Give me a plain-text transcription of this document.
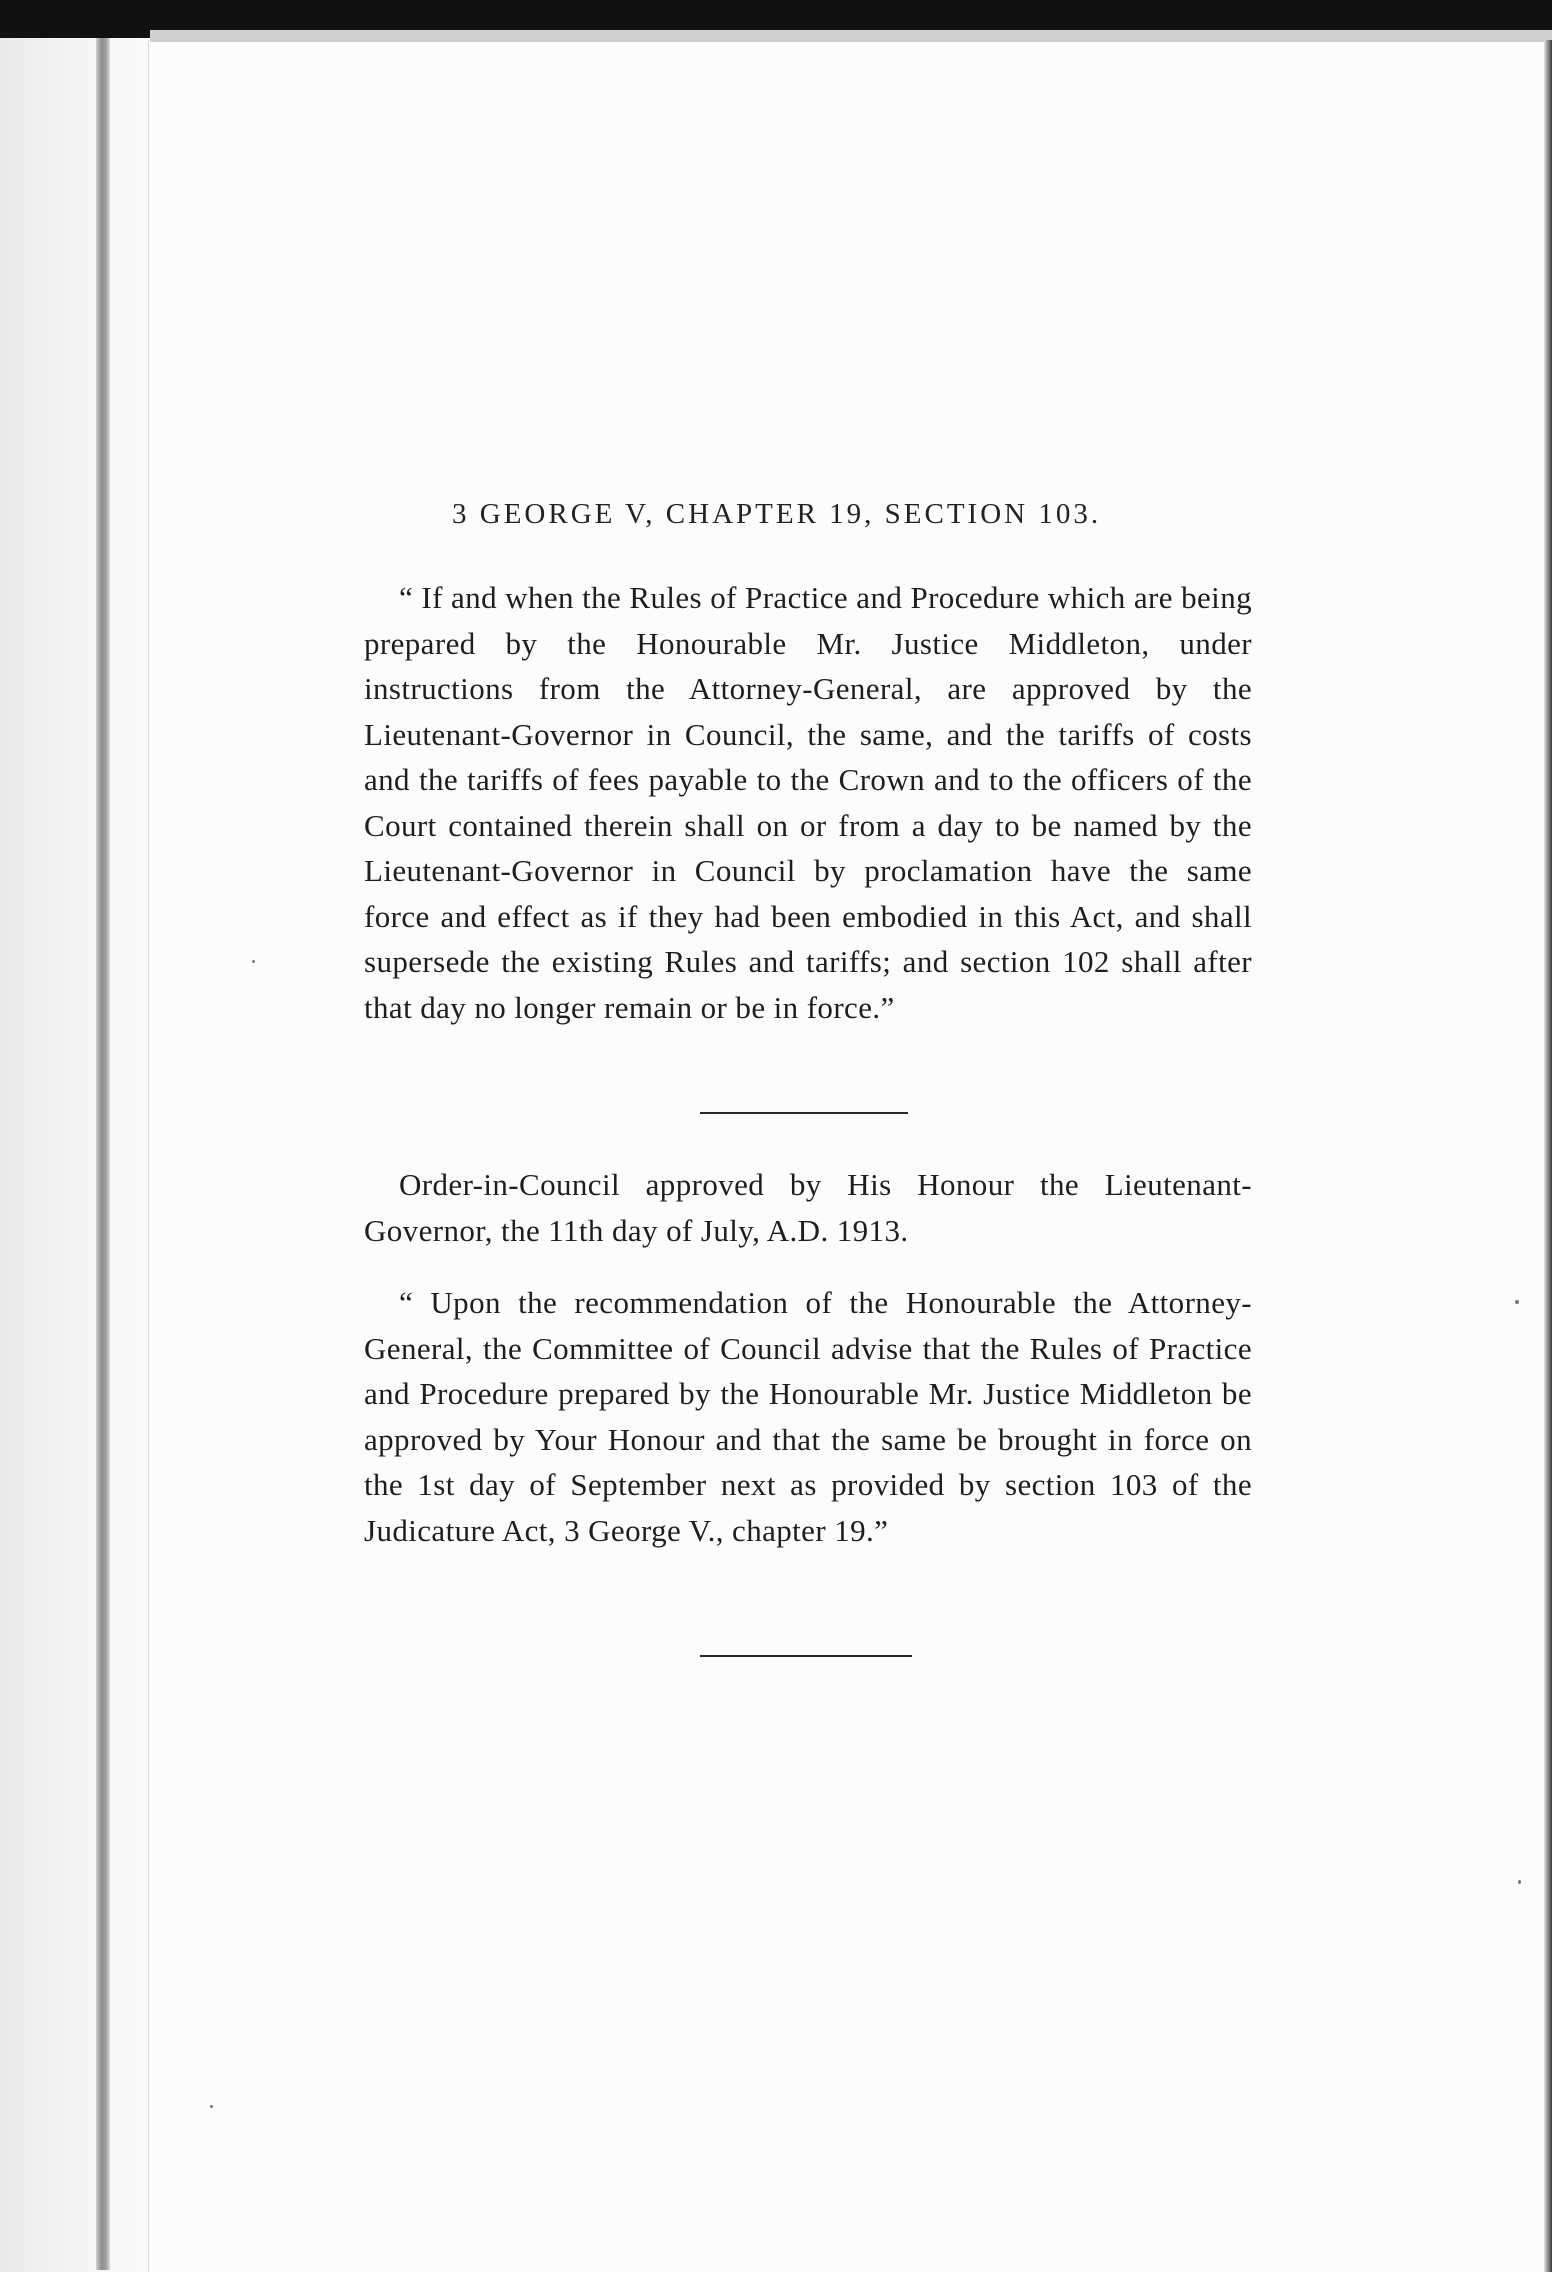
3 GEORGE V, CHAPTER 19, SECTION 103.
“ If and when the Rules of Practice and Procedure which are being prepared by the Honourable Mr. Justice Middleton, under instructions from the Attorney-General, are approved by the Lieutenant-Governor in Council, the same, and the tariffs of costs and the tariffs of fees payable to the Crown and to the officers of the Court contained therein shall on or from a day to be named by the Lieutenant-Governor in Council by proclamation have the same force and effect as if they had been embodied in this Act, and shall supersede the existing Rules and tariffs; and section 102 shall after that day no longer remain or be in force.”
Order-in-Council approved by His Honour the Lieutenant-Governor, the 11th day of July, A.D. 1913.
“ Upon the recommendation of the Honourable the Attorney-General, the Committee of Council advise that the Rules of Practice and Procedure prepared by the Honourable Mr. Justice Middleton be approved by Your Honour and that the same be brought in force on the 1st day of September next as provided by section 103 of the Judicature Act, 3 George V., chapter 19.”
